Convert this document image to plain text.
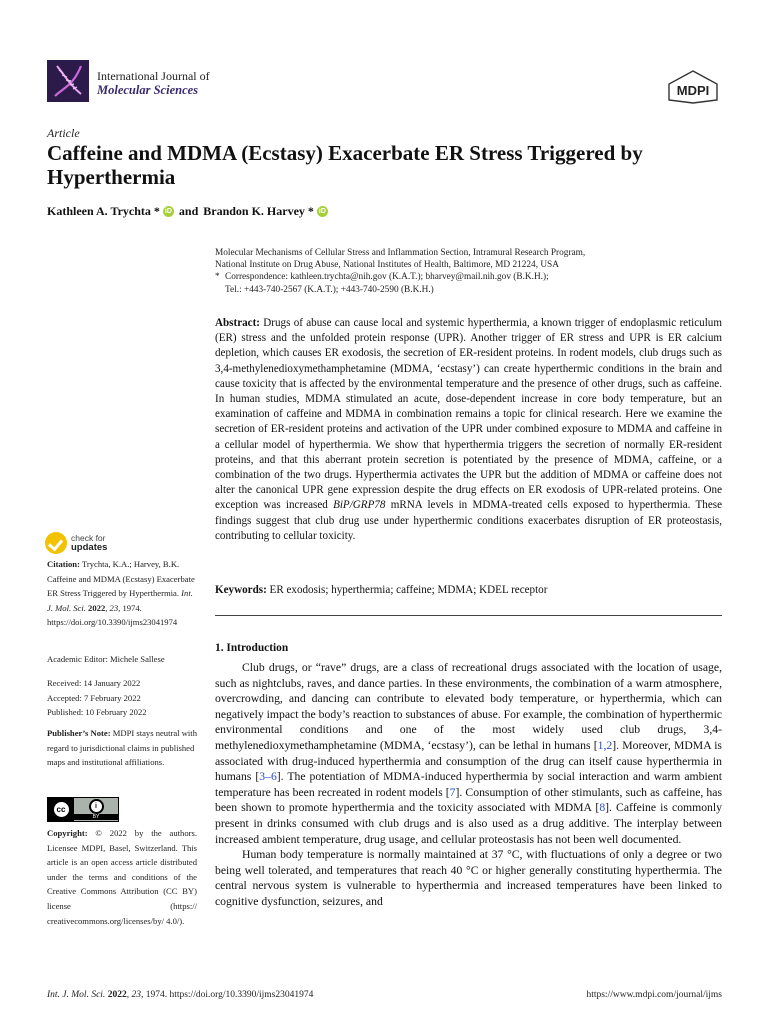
International Journal of
Molecular Sciences	MDPI
Article
Caffeine and MDMA (Ecstasy) Exacerbate ER Stress Triggered by Hyperthermia
Kathleen A. Trychta * iD and Brandon K. Harvey * iD
Molecular Mechanisms of Cellular Stress and Inflammation Section, Intramural Research Program,
National Institute on Drug Abuse, National Institutes of Health, Baltimore, MD 21224, USA
* Correspondence: kathleen.trychta@nih.gov (K.A.T.); bharvey@mail.nih.gov (B.K.H.);
Tel.: +443-740-2567 (K.A.T.); +443-740-2590 (B.K.H.)
Abstract: Drugs of abuse can cause local and systemic hyperthermia, a known trigger of endoplasmic reticulum (ER) stress and the unfolded protein response (UPR). Another trigger of ER stress and UPR is ER calcium depletion, which causes ER exodosis, the secretion of ER-resident proteins. In rodent models, club drugs such as 3,4-methylenedioxymethamphetamine (MDMA, ‘ecstasy’) can create hyperthermic conditions in the brain and cause toxicity that is affected by the environmental temperature and the presence of other drugs, such as caffeine. In human studies, MDMA stimulated an acute, dose-dependent increase in core body temperature, but an examination of caffeine and MDMA in combination remains a topic for clinical research. Here we examine the secretion of ER-resident proteins and activation of the UPR under combined exposure to MDMA and caffeine in a cellular model of hyperthermia. We show that hyperthermia triggers the secretion of normally ER-resident proteins, and that this aberrant protein secretion is potentiated by the presence of MDMA, caffeine, or a combination of the two drugs. Hyperthermia activates the UPR but the addition of MDMA or caffeine does not alter the canonical UPR gene expression despite the drug effects on ER exodosis of UPR-related proteins. One exception was increased BiP/GRP78 mRNA levels in MDMA-treated cells exposed to hyperthermia. These findings suggest that club drug use under hyperthermic conditions exacerbates disruption of ER proteostasis, contributing to cellular toxicity.
Keywords: ER exodosis; hyperthermia; caffeine; MDMA; KDEL receptor
1. Introduction

Club drugs, or “rave” drugs, are a class of recreational drugs associated with the location of usage, such as nightclubs, raves, and dance parties. In these environments, the combination of a warm atmosphere, overcrowding, and dancing can contribute to elevated body temperature, or hyperthermia, which can negatively impact the body’s reaction to substances of abuse. For example, the combination of hyperthermic environmental conditions and one of the most widely used club drugs, 3,4-methylenedioxymethamphetamine (MDMA, ‘ecstasy’), can be lethal in humans [1,2]. Moreover, MDMA is associated with drug-induced hyperthermia and consumption of the drug can itself cause hyperthermia in humans [3–6]. The potentiation of MDMA-induced hyperthermia by social interaction and warm ambient temperature has been recreated in rodent models [7]. Consumption of other stimulants, such as caffeine, has been shown to promote hyperthermia and the toxicity associated with MDMA [8]. Caffeine is commonly present in drinks consumed with club drugs and is also used as a drug additive. The interplay between increased ambient temperature, drug usage, and cellular proteostasis has not been well documented.

Human body temperature is normally maintained at 37 °C, with fluctuations of only a degree or two being well tolerated, and temperatures that reach 40 °C or higher generally constituting hyperthermia. The central nervous system is vulnerable to hyperthermia and increased temperatures have been linked to cognitive dysfunction, seizures, and

check for
updates
Citation: Trychta, K.A.; Harvey, B.K. Caffeine and MDMA (Ecstasy) Exacerbate ER Stress Triggered by Hyperthermia. Int. J. Mol. Sci. 2022, 23, 1974. https://doi.org/10.3390/ijms23041974
Academic Editor: Michele Sallese
Received: 14 January 2022
Accepted: 7 February 2022
Published: 10 February 2022
Publisher’s Note: MDPI stays neutral with regard to jurisdictional claims in published maps and institutional affiliations.
cc	i
BY
Copyright: © 2022 by the authors. Licensee MDPI, Basel, Switzerland. This article is an open access article distributed under the terms and conditions of the Creative Commons Attribution (CC BY) license (https:// creativecommons.org/licenses/by/ 4.0/).
Int. J. Mol. Sci. 2022, 23, 1974. https://doi.org/10.3390/ijms23041974	https://www.mdpi.com/journal/ijms
